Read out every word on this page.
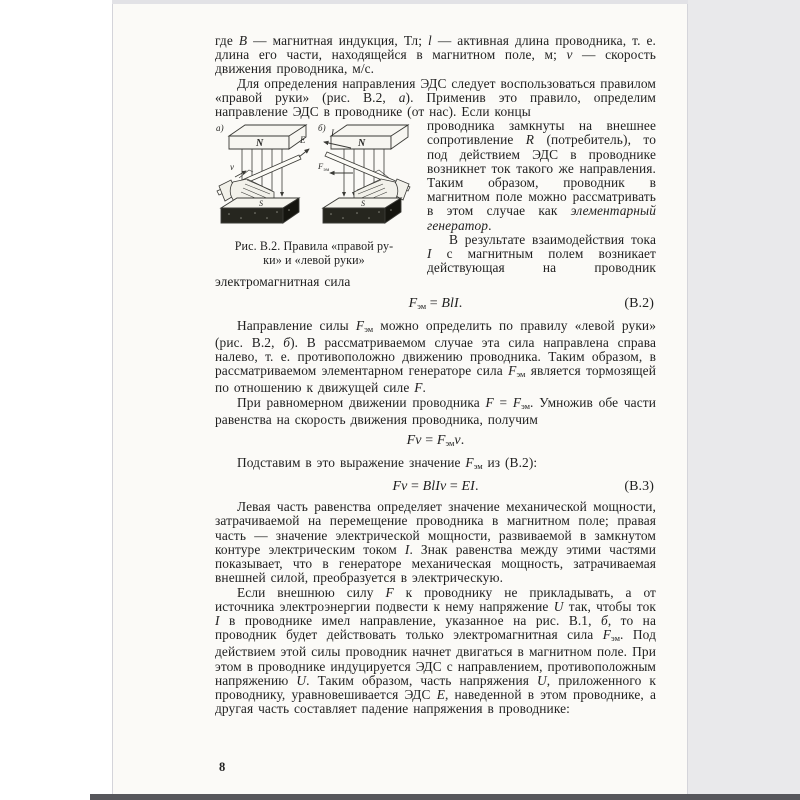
где B — магнитная индукция, Тл; l — активная длина проводника, т. е. длина его части, находящейся в магнитном поле, м; v — скорость движения проводника, м/с.

Для определения направления ЭДС следует воспользоваться правилом «правой руки» (рис. В.2, а). Применив это правило, определим направление ЭДС в проводнике (от нас). Если концы

а)
N	E
v
S
б)
N
I
$F_{эм}$
S
Рис. В.2. Правила «правой ру-
ки» и «левой руки»

проводника замкнуты на внешнее сопротивление R (потребитель), то под действием ЭДС в проводнике возникнет ток такого же направления. Таким образом, проводник в магнитном поле можно рассматривать в этом случае как элементарный генератор.

В результате взаимодействия тока I с магнитным полем возникает действующая на проводник электромагнитная сила

$F_{эм}$ = BlI.	(В.2)

Направление силы $F_{эм}$ можно определить по правилу «левой руки» (рис. В.2, б). В рассматриваемом случае эта сила направлена справа налево, т. е. противоположно движению проводника. Таким образом, в рассматриваемом элементарном генераторе сила $F_{эм}$ является тормозящей по отношению к движущей силе F.

При равномерном движении проводника $F = F_{эм}$. Умножив обе части равенства на скорость движения проводника, получим

$Fv = F_{эм}v$.

Подставим в это выражение значение $F_{эм}$ из (В.2):

Fv = BlIv = EI.	(В.3)

Левая часть равенства определяет значение механической мощности, затрачиваемой на перемещение проводника в магнитном поле; правая часть — значение электрической мощности, развиваемой в замкнутом контуре электрическим током I. Знак равенства между этими частями показывает, что в генераторе механическая мощность, затрачиваемая внешней силой, преобразуется в электрическую.

Если внешнюю силу F к проводнику не прикладывать, а от источника электроэнергии подвести к нему напряжение U так, чтобы ток I в проводнике имел направление, указанное на рис. В.1, б, то на проводник будет действовать только электромагнитная сила $F_{эм}$. Под действием этой силы проводник начнет двигаться в магнитном поле. При этом в проводнике индуцируется ЭДС с направлением, противоположным напряжению U. Таким образом, часть напряжения U, приложенного к проводнику, уравновешивается ЭДС E, наведенной в этом проводнике, а другая часть составляет падение напряжения в проводнике:

8
